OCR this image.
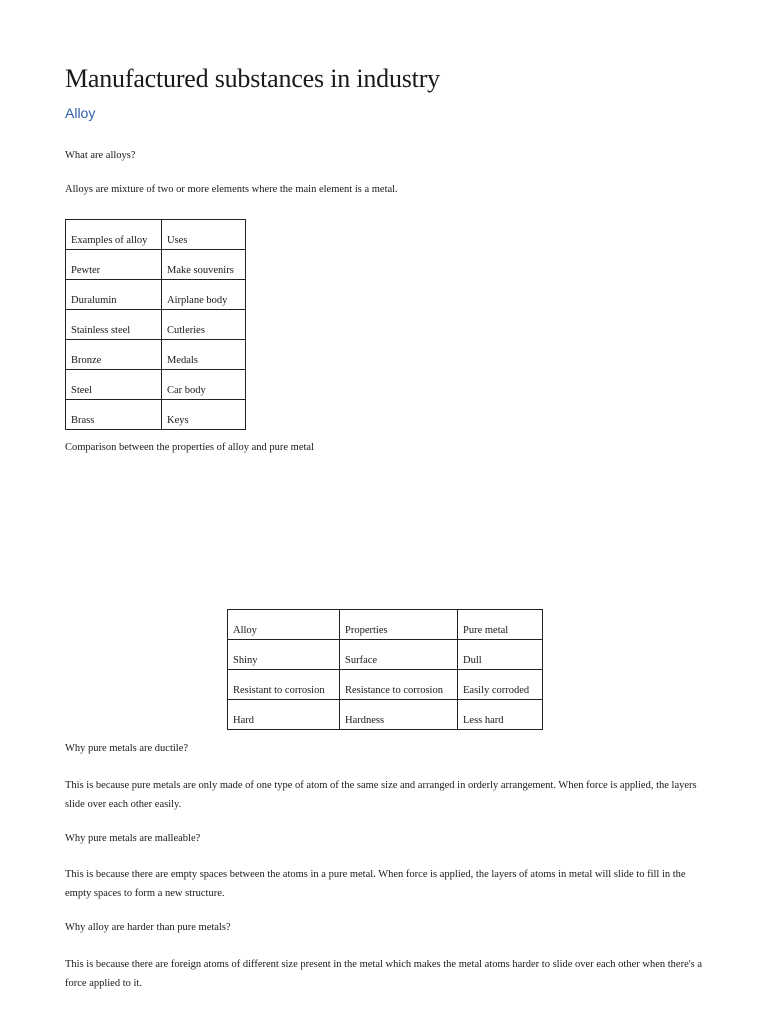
Manufactured substances in industry
Alloy

What are alloys?

Alloys are mixture of two or more elements where the main element is a metal.

Examples of alloy	Uses
Pewter	Make souvenirs
Duralumin	Airplane body
Stainless steel	Cutleries
Bronze	Medals
Steel	Car body
Brass	Keys

Comparison between the properties of alloy and pure metal

Alloy	Properties	Pure metal
Shiny	Surface	Dull
Resistant to corrosion	Resistance to corrosion	Easily corroded
Hard	Hardness	Less hard

Why pure metals are ductile?

This is because pure metals are only made of one type of atom of the same size and arranged in orderly arrangement. When force is applied, the layers slide over each other easily.

Why pure metals are malleable?

This is because there are empty spaces between the atoms in a pure metal. When force is applied, the layers of atoms in metal will slide to fill in the empty spaces to form a new structure.

Why alloy are harder than pure metals?

This is because there are foreign atoms of different size present in the metal which makes the metal atoms harder to slide over each other when there's a force applied to it.
